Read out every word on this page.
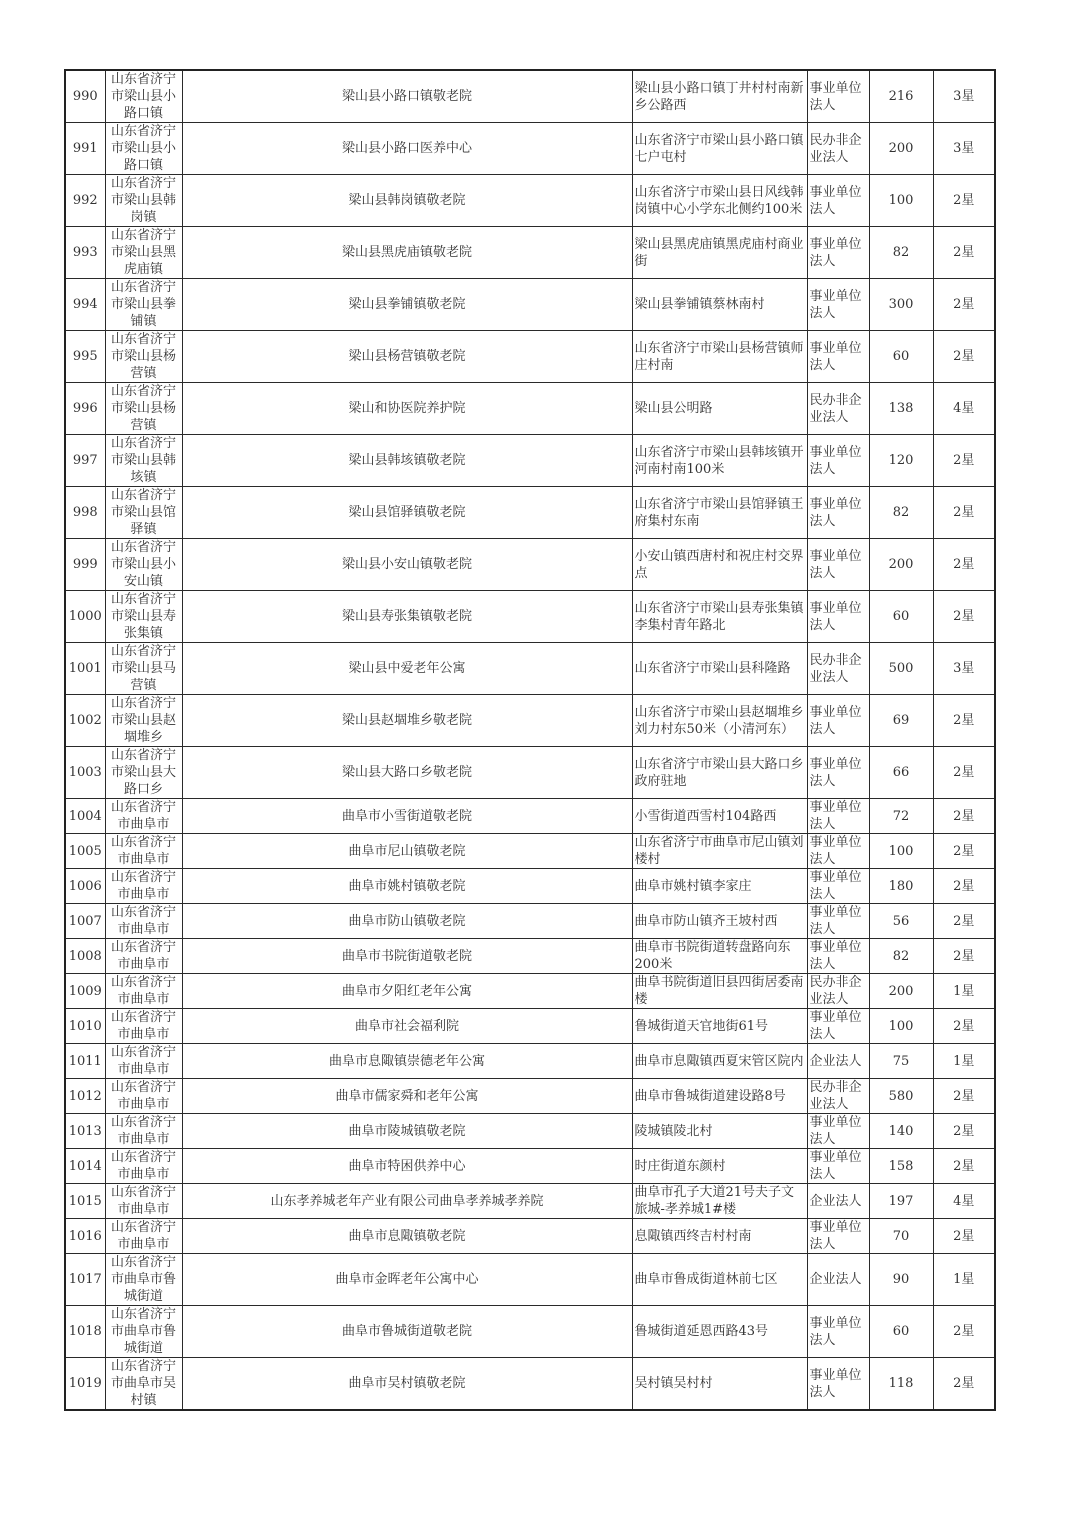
990	山东省济宁市梁山县小路口镇	梁山县小路口镇敬老院	梁山县小路口镇丁井村村南新乡公路西	事业单位法人	216	3星
991	山东省济宁市梁山县小路口镇	梁山县小路口医养中心	山东省济宁市梁山县小路口镇七户屯村	民办非企业法人	200	3星
992	山东省济宁市梁山县韩岗镇	梁山县韩岗镇敬老院	山东省济宁市梁山县日风线韩岗镇中心小学东北侧约100米	事业单位法人	100	2星
993	山东省济宁市梁山县黑虎庙镇	梁山县黑虎庙镇敬老院	梁山县黑虎庙镇黑虎庙村商业街	事业单位法人	82	2星
994	山东省济宁市梁山县拳铺镇	梁山县拳铺镇敬老院	梁山县拳铺镇蔡林南村	事业单位法人	300	2星
995	山东省济宁市梁山县杨营镇	梁山县杨营镇敬老院	山东省济宁市梁山县杨营镇师庄村南	事业单位法人	60	2星
996	山东省济宁市梁山县杨营镇	梁山和协医院养护院	梁山县公明路	民办非企业法人	138	4星
997	山东省济宁市梁山县韩垓镇	梁山县韩垓镇敬老院	山东省济宁市梁山县韩垓镇开河南村南100米	事业单位法人	120	2星
998	山东省济宁市梁山县馆驿镇	梁山县馆驿镇敬老院	山东省济宁市梁山县馆驿镇王府集村东南	事业单位法人	82	2星
999	山东省济宁市梁山县小安山镇	梁山县小安山镇敬老院	小安山镇西唐村和祝庄村交界点	事业单位法人	200	2星
1000	山东省济宁市梁山县寿张集镇	梁山县寿张集镇敬老院	山东省济宁市梁山县寿张集镇李集村青年路北	事业单位法人	60	2星
1001	山东省济宁市梁山县马营镇	梁山县中爱老年公寓	山东省济宁市梁山县科隆路	民办非企业法人	500	3星
1002	山东省济宁市梁山县赵堌堆乡	梁山县赵堌堆乡敬老院	山东省济宁市梁山县赵堌堆乡刘力村东50米（小清河东）	事业单位法人	69	2星
1003	山东省济宁市梁山县大路口乡	梁山县大路口乡敬老院	山东省济宁市梁山县大路口乡政府驻地	事业单位法人	66	2星
1004	山东省济宁市曲阜市	曲阜市小雪街道敬老院	小雪街道西雪村104路西	事业单位法人	72	2星
1005	山东省济宁市曲阜市	曲阜市尼山镇敬老院	山东省济宁市曲阜市尼山镇刘楼村	事业单位法人	100	2星
1006	山东省济宁市曲阜市	曲阜市姚村镇敬老院	曲阜市姚村镇李家庄	事业单位法人	180	2星
1007	山东省济宁市曲阜市	曲阜市防山镇敬老院	曲阜市防山镇齐王坡村西	事业单位法人	56	2星
1008	山东省济宁市曲阜市	曲阜市书院街道敬老院	曲阜市书院街道转盘路向东200米	事业单位法人	82	2星
1009	山东省济宁市曲阜市	曲阜市夕阳红老年公寓	曲阜书院街道旧县四街居委南楼	民办非企业法人	200	1星
1010	山东省济宁市曲阜市	曲阜市社会福利院	鲁城街道天官地街61号	事业单位法人	100	2星
1011	山东省济宁市曲阜市	曲阜市息陬镇崇德老年公寓	曲阜市息陬镇西夏宋管区院内	企业法人	75	1星
1012	山东省济宁市曲阜市	曲阜市儒家舜和老年公寓	曲阜市鲁城街道建设路8号	民办非企业法人	580	2星
1013	山东省济宁市曲阜市	曲阜市陵城镇敬老院	陵城镇陵北村	事业单位法人	140	2星
1014	山东省济宁市曲阜市	曲阜市特困供养中心	时庄街道东颜村	事业单位法人	158	2星
1015	山东省济宁市曲阜市	山东孝养城老年产业有限公司曲阜孝养城孝养院	曲阜市孔子大道21号夫子文旅城-孝养城1#楼	企业法人	197	4星
1016	山东省济宁市曲阜市	曲阜市息陬镇敬老院	息陬镇西终吉村村南	事业单位法人	70	2星
1017	山东省济宁市曲阜市鲁城街道	曲阜市金晖老年公寓中心	曲阜市鲁成街道林前七区	企业法人	90	1星
1018	山东省济宁市曲阜市鲁城街道	曲阜市鲁城街道敬老院	鲁城街道延恩西路43号	事业单位法人	60	2星
1019	山东省济宁市曲阜市吴村镇	曲阜市吴村镇敬老院	吴村镇吴村村	事业单位法人	118	2星
